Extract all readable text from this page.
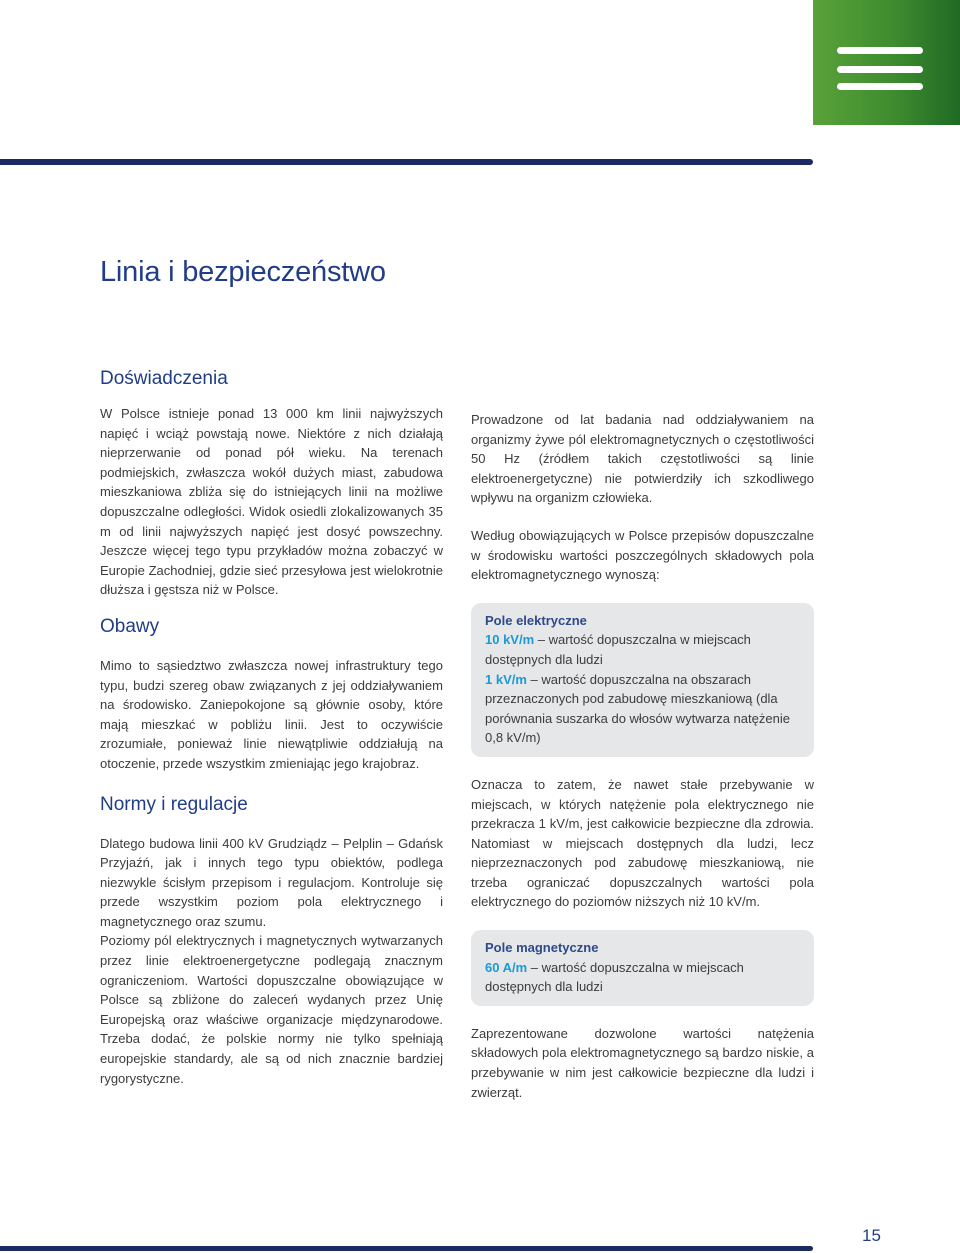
Linia i bezpieczeństwo
Doświadczenia

W Polsce istnieje ponad 13 000 km linii najwyższych napięć i wciąż powstają nowe. Niektóre z nich działają nieprzerwanie od ponad pół wieku. Na terenach podmiejskich, zwłaszcza wokół dużych miast, zabudowa mieszkaniowa zbliża się do istniejących linii na możliwe dopuszczalne odległości. Widok osiedli zlokalizowanych 35 m od linii najwyższych napięć jest dosyć powszechny. Jeszcze więcej tego typu przykładów można zobaczyć w Europie Zachodniej, gdzie sieć przesyłowa jest wielokrotnie dłuższa i gęstsza niż w Polsce.

Obawy

Mimo to sąsiedztwo zwłaszcza nowej infrastruktury tego typu, budzi szereg obaw związanych z jej oddziaływaniem na środowisko. Zaniepokojone są głównie osoby, które mają mieszkać w pobliżu linii. Jest to oczywiście zrozumiałe, ponieważ linie niewątpliwie oddziałują na otoczenie, przede wszystkim zmieniając jego krajobraz.

Normy i regulacje

Dlatego budowa linii 400 kV Grudziądz – Pelplin – Gdańsk Przyjaźń, jak i innych tego typu obiektów, podlega niezwykle ścisłym przepisom i regulacjom. Kontroluje się przede wszystkim poziom pola elektrycznego i magnetycznego oraz szumu.

Poziomy pól elektrycznych i magnetycznych wytwarzanych przez linie elektroenergetyczne podlegają znacznym ograniczeniom. Wartości dopuszczalne obowiązujące w Polsce są zbliżone do zaleceń wydanych przez Unię Europejską oraz właściwe organizacje międzynarodowe. Trzeba dodać, że polskie normy nie tylko spełniają europejskie standardy, ale są od nich znacznie bardziej rygorystyczne.

Prowadzone od lat badania nad oddziaływaniem na organizmy żywe pól elektromagnetycznych o częstotliwości 50 Hz (źródłem takich częstotliwości są linie elektroenergetyczne) nie potwierdziły ich szkodliwego wpływu na organizm człowieka.

Według obowiązujących w Polsce przepisów dopuszczalne w środowisku wartości poszczególnych składowych pola elektromagnetycznego wynoszą:

Pole elektryczne
10 kV/m – wartość dopuszczalna w miejscach dostępnych dla ludzi
1 kV/m – wartość dopuszczalna na obszarach przeznaczonych pod zabudowę mieszkaniową (dla porównania suszarka do włosów wytwarza natężenie 0,8 kV/m)

Oznacza to zatem, że nawet stałe przebywanie w miejscach, w których natężenie pola elektrycznego nie przekracza 1 kV/m, jest całkowicie bezpieczne dla zdrowia. Natomiast w miejscach dostępnych dla ludzi, lecz nieprzeznaczonych pod zabudowę mieszkaniową, nie trzeba ograniczać dopuszczalnych wartości pola elektrycznego do poziomów niższych niż 10 kV/m.

Pole magnetyczne
60 A/m – wartość dopuszczalna w miejscach dostępnych dla ludzi

Zaprezentowane dozwolone wartości natężenia składowych pola elektromagnetycznego są bardzo niskie, a przebywanie w nim jest całkowicie bezpieczne dla ludzi i zwierząt.

15
